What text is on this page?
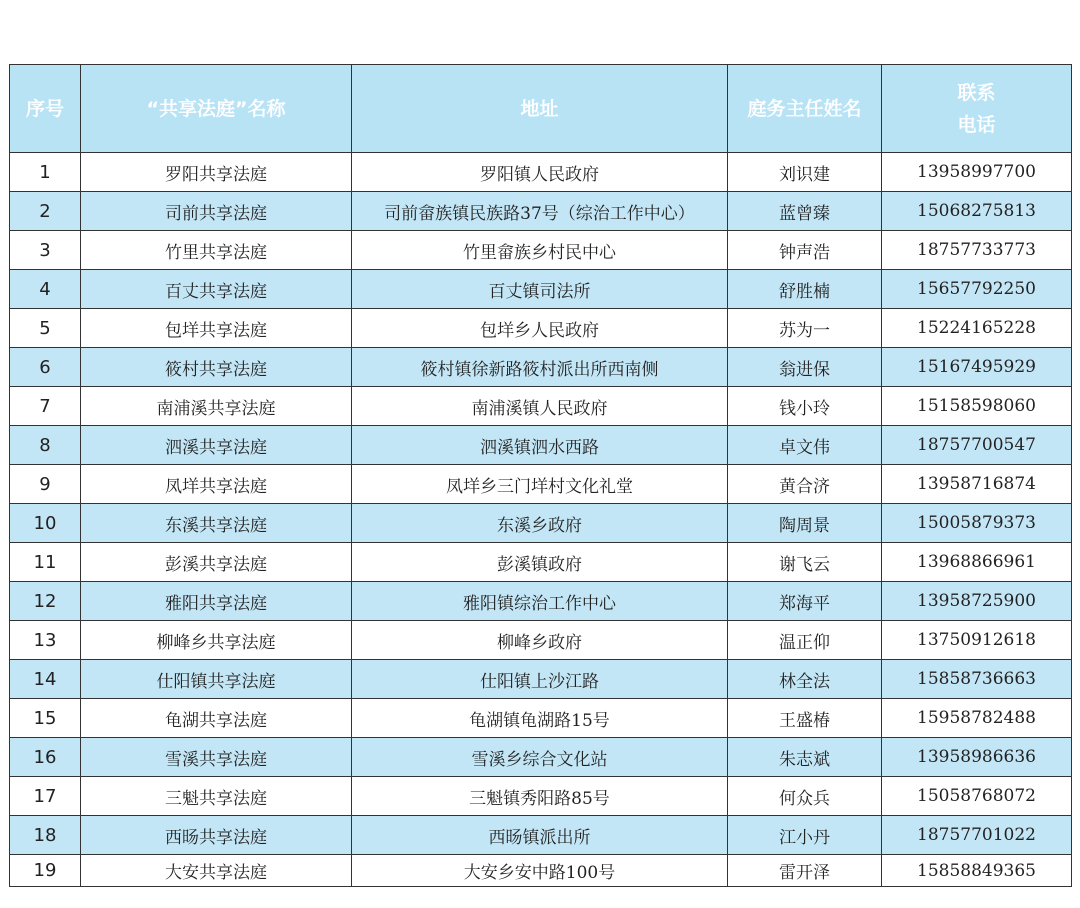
序号	“共享法庭”名称	地址	庭务主任姓名	联系
电话

1	罗阳共享法庭	罗阳镇人民政府	刘识建	13958997700
2	司前共享法庭	司前畲族镇民族路37号（综治工作中心）	蓝曾臻	15068275813
3	竹里共享法庭	竹里畲族乡村民中心	钟声浩	18757733773
4	百丈共享法庭	百丈镇司法所	舒胜楠	15657792250
5	包垟共享法庭	包垟乡人民政府	苏为一	15224165228
6	筱村共享法庭	筱村镇徐新路筱村派出所西南侧	翁进保	15167495929
7	南浦溪共享法庭	南浦溪镇人民政府	钱小玲	15158598060
8	泗溪共享法庭	泗溪镇泗水西路	卓文伟	18757700547
9	凤垟共享法庭	凤垟乡三门垟村文化礼堂	黄合济	13958716874
10	东溪共享法庭	东溪乡政府	陶周景	15005879373
11	彭溪共享法庭	彭溪镇政府	谢飞云	13968866961
12	雅阳共享法庭	雅阳镇综治工作中心	郑海平	13958725900
13	柳峰乡共享法庭	柳峰乡政府	温正仰	13750912618
14	仕阳镇共享法庭	仕阳镇上沙江路	林全法	15858736663
15	龟湖共享法庭	龟湖镇龟湖路15号	王盛椿	15958782488
16	雪溪共享法庭	雪溪乡综合文化站	朱志斌	13958986636
17	三魁共享法庭	三魁镇秀阳路85号	何众兵	15058768072
18	西旸共享法庭	西旸镇派出所	江小丹	18757701022
19	大安共享法庭	大安乡安中路100号	雷开泽	15858849365
